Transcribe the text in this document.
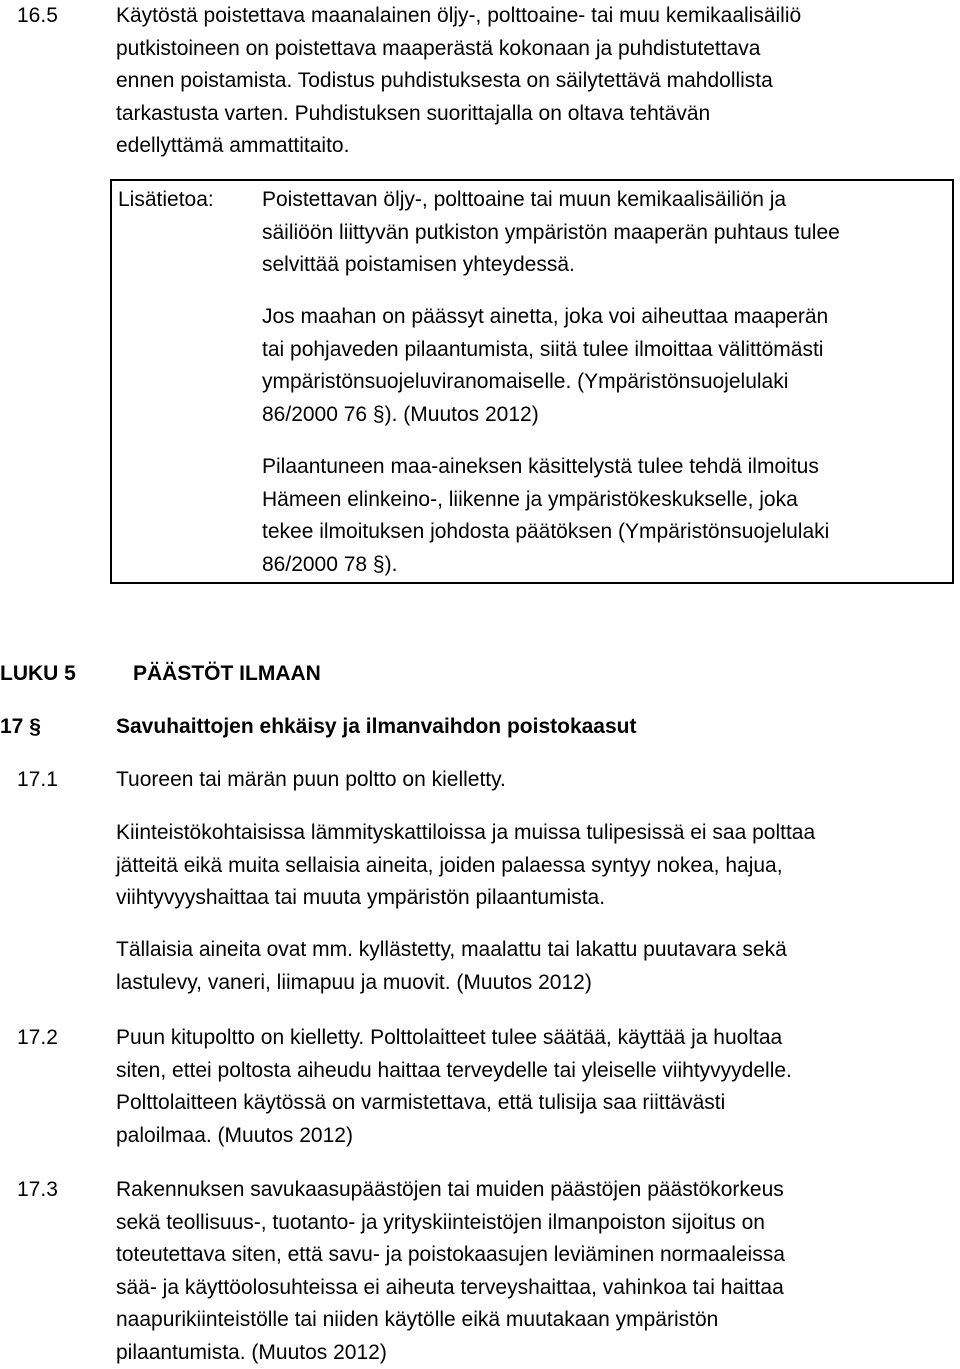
16.5	Käytöstä poistettava maanalainen öljy-, polttoaine- tai muu kemikaalisäiliö
putkistoineen on poistettava maaperästä kokonaan ja puhdistutettava
ennen poistamista. Todistus puhdistuksesta on säilytettävä mahdollista
tarkastusta varten. Puhdistuksen suorittajalla on oltava tehtävän
edellyttämä ammattitaito.
Lisätietoa: Poistettavan öljy-, polttoaine tai muun kemikaalisäiliön ja
säiliöön liittyvän putkiston ympäristön maaperän puhtaus tulee
selvittää poistamisen yhteydessä.
Jos maahan on päässyt ainetta, joka voi aiheuttaa maaperän
tai pohjaveden pilaantumista, siitä tulee ilmoittaa välittömästi
ympäristönsuojeluviranomaiselle. (Ympäristönsuojelulaki
86/2000 76 §). (Muutos 2012)
Pilaantuneen maa-aineksen käsittelystä tulee tehdä ilmoitus
Hämeen elinkeino-, liikenne ja ympäristökeskukselle, joka
tekee ilmoituksen johdosta päätöksen (Ympäristönsuojelulaki
86/2000 78 §).
LUKU 5	PÄÄSTÖT ILMAAN
17 §	Savuhaittojen ehkäisy ja ilmanvaihdon poistokaasut
17.1	Tuoreen tai märän puun poltto on kielletty.
Kiinteistökohtaisissa lämmityskattiloissa ja muissa tulipesissä ei saa polttaa
jätteitä eikä muita sellaisia aineita, joiden palaessa syntyy nokea, hajua,
viihtyvyyshaittaa tai muuta ympäristön pilaantumista.
Tällaisia aineita ovat mm. kyllästetty, maalattu tai lakattu puutavara sekä
lastulevy, vaneri, liimapuu ja muovit. (Muutos 2012)
17.2	Puun kitupoltto on kielletty. Polttolaitteet tulee säätää, käyttää ja huoltaa
siten, ettei poltosta aiheudu haittaa terveydelle tai yleiselle viihtyvyydelle.
Polttolaitteen käytössä on varmistettava, että tulisija saa riittävästi
paloilmaa. (Muutos 2012)
17.3	Rakennuksen savukaasupäästöjen tai muiden päästöjen päästökorkeus
sekä teollisuus-, tuotanto- ja yrityskiinteistöjen ilmanpoiston sijoitus on
toteutettava siten, että savu- ja poistokaasujen leviäminen normaaleissa
sää- ja käyttöolosuhteissa ei aiheuta terveyshaittaa, vahinkoa tai haittaa
naapurikiinteistölle tai niiden käytölle eikä muutakaan ympäristön
pilaantumista. (Muutos 2012)
